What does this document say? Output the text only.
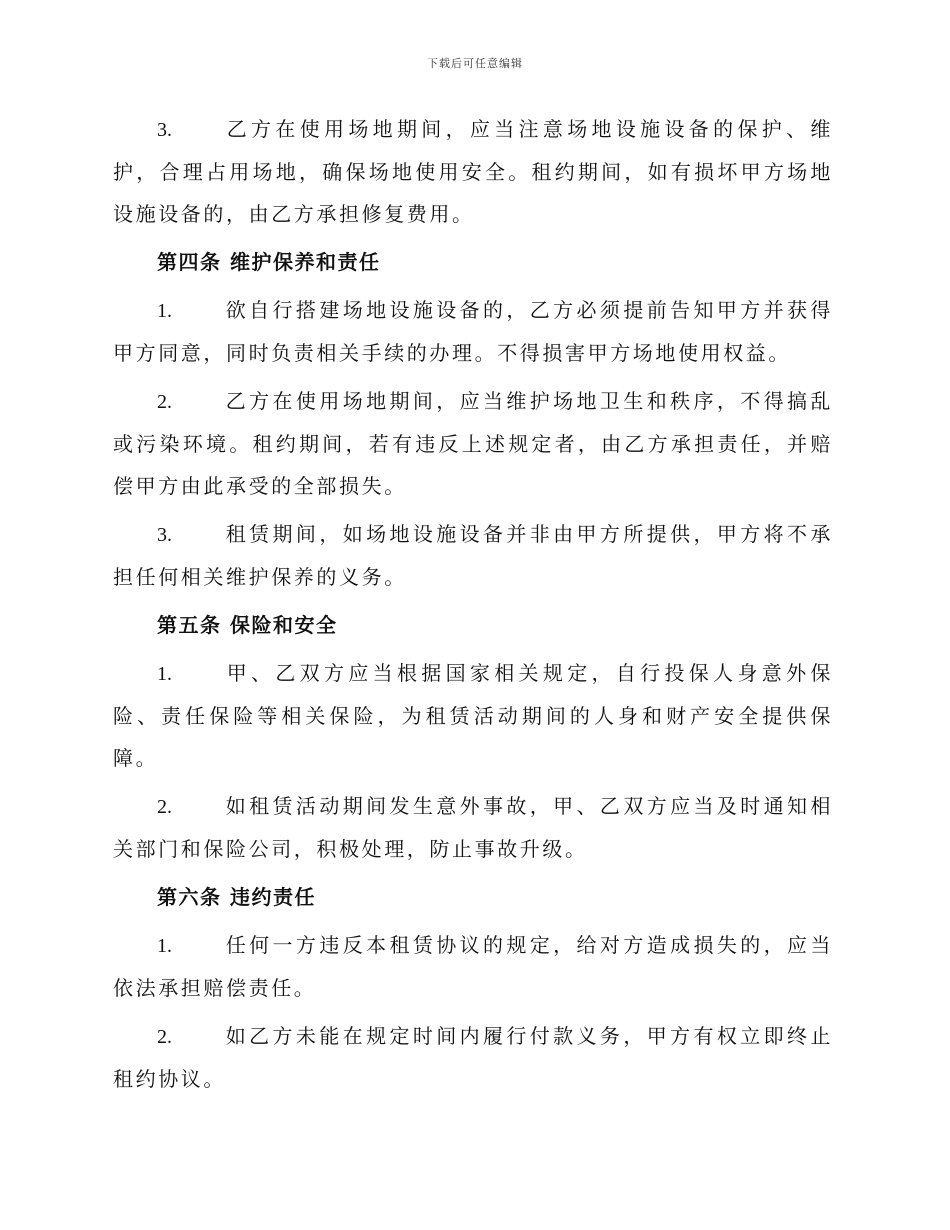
下载后可任意编辑

3.	乙方在使用场地期间，应当注意场地设施设备的保护、维护，合理占用场地，确保场地使用安全。租约期间，如有损坏甲方场地设施设备的，由乙方承担修复费用。

第四条 维护保养和责任

1.	欲自行搭建场地设施设备的，乙方必须提前告知甲方并获得甲方同意，同时负责相关手续的办理。不得损害甲方场地使用权益。

2.	乙方在使用场地期间，应当维护场地卫生和秩序，不得搞乱或污染环境。租约期间，若有违反上述规定者，由乙方承担责任，并赔偿甲方由此承受的全部损失。

3.	租赁期间，如场地设施设备并非由甲方所提供，甲方将不承担任何相关维护保养的义务。

第五条 保险和安全

1.	甲、乙双方应当根据国家相关规定，自行投保人身意外保险、责任保险等相关保险，为租赁活动期间的人身和财产安全提供保障。

2.	如租赁活动期间发生意外事故，甲、乙双方应当及时通知相关部门和保险公司，积极处理，防止事故升级。

第六条 违约责任

1.	任何一方违反本租赁协议的规定，给对方造成损失的，应当依法承担赔偿责任。

2.	如乙方未能在规定时间内履行付款义务，甲方有权立即终止租约协议。
